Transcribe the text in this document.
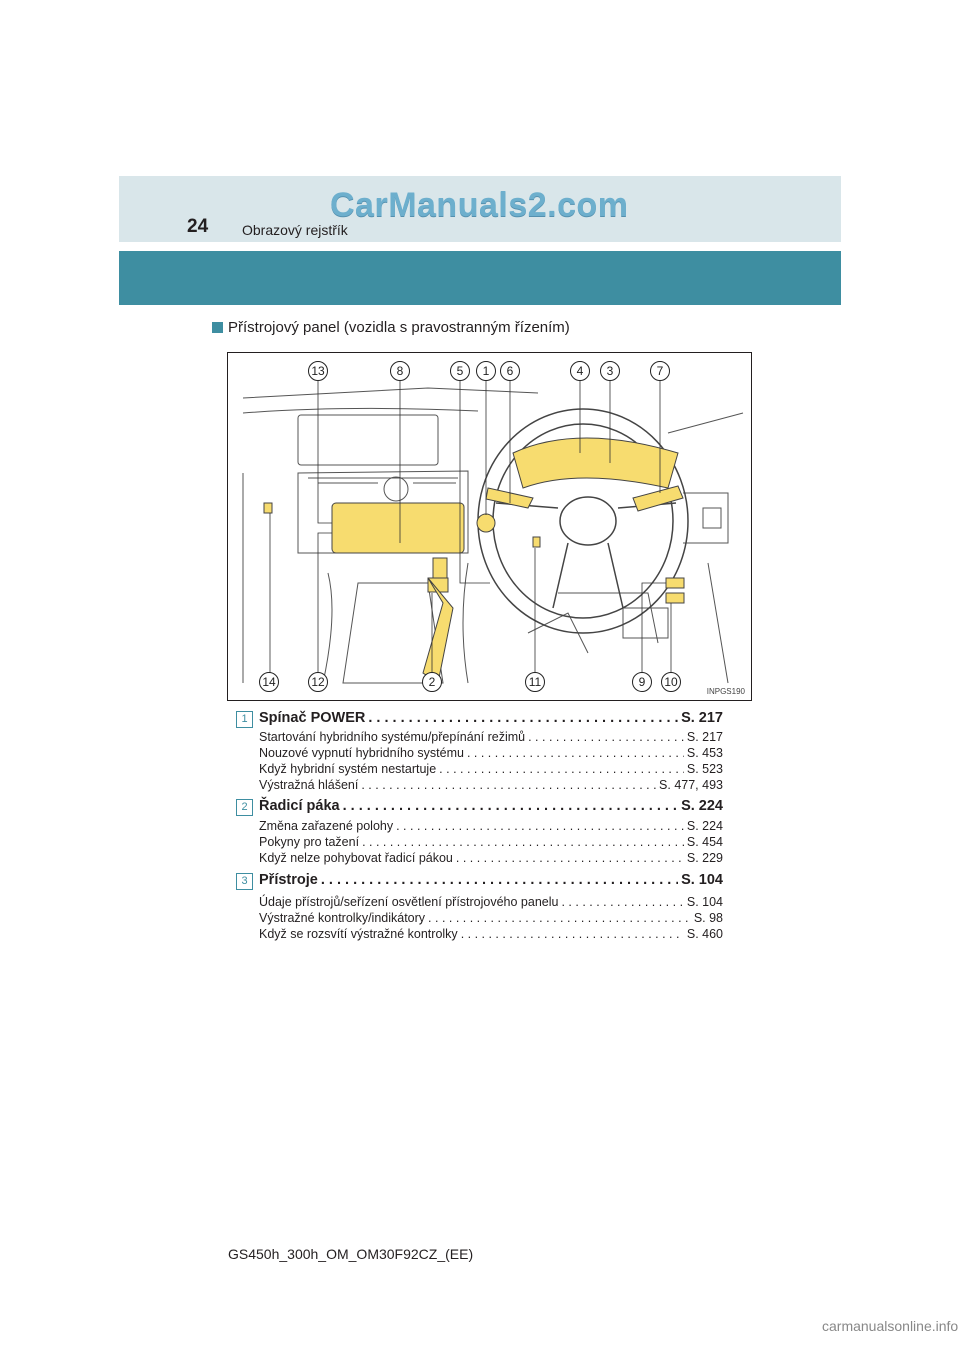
CarManuals2.com
24 Obrazový rejstřík
Přístrojový panel (vozidla s pravostranným řízením)
13	8	5	1	6	4	3	7
14	12	2	11	9	10
INPGS190
1 Spínač POWER . . .	S. 217
Startování hybridního systému/přepínání režimů . . .	S. 217
Nouzové vypnutí hybridního systému . . .	S. 453
Když hybridní systém nestartuje . . .	S. 523
Výstražná hlášení . . .	S. 477, 493
2 Řadicí páka . . .	S. 224
Změna zařazené polohy . . .	S. 224
Pokyny pro tažení . . .	S. 454
Když nelze pohybovat řadicí pákou . . .	S. 229
3 Přístroje . . .	S. 104
Údaje přístrojů/seřízení osvětlení přístrojového panelu . . .	S. 104
Výstražné kontrolky/indikátory . . .	S. 98
Když se rozsvítí výstražné kontrolky . . .	S. 460
GS450h_300h_OM_OM30F92CZ_(EE)
carmanualsonline.info
